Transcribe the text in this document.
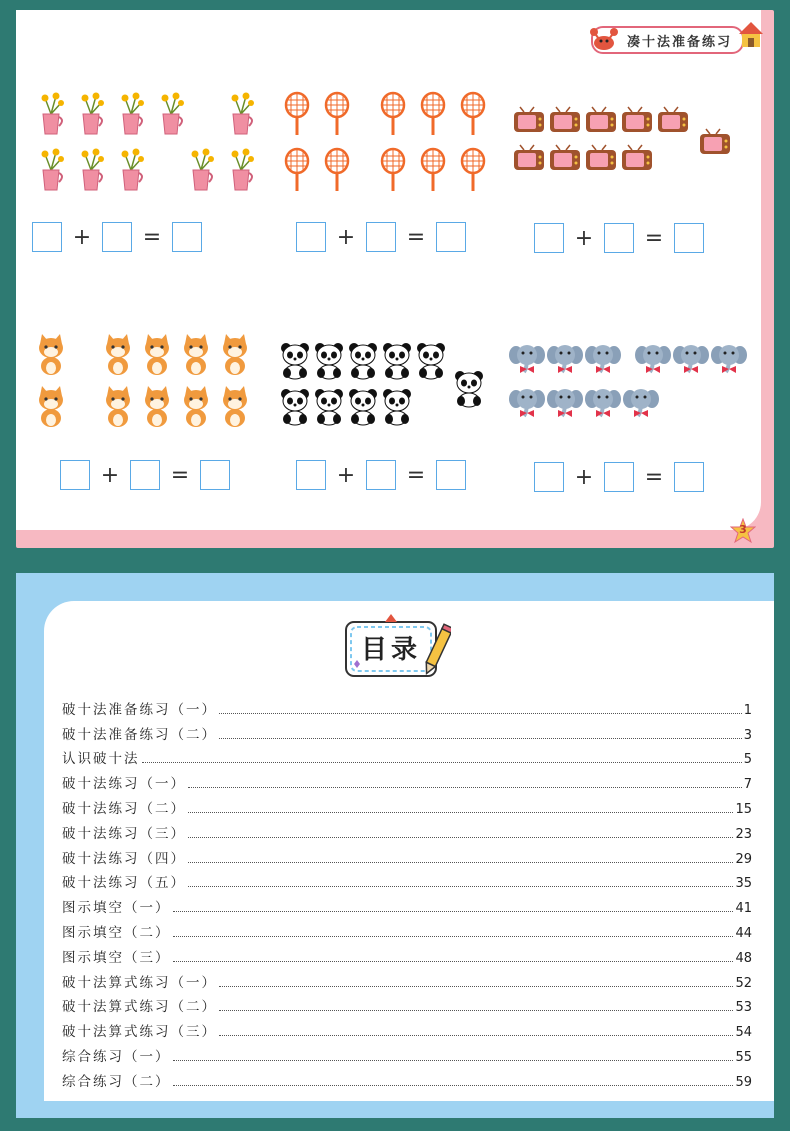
凑十法准备练习
+	=	+	=	+	=
+	=	+	=	+	=
3
目录
破十法准备练习（一）	1
破十法准备练习（二）	3
认识破十法	5
破十法练习（一）	7
破十法练习（二）	15
破十法练习（三）	23
破十法练习（四）	29
破十法练习（五）	35
图示填空（一）	41
图示填空（二）	44
图示填空（三）	48
破十法算式练习（一）	52
破十法算式练习（二）	53
破十法算式练习（三）	54
综合练习（一）	55
综合练习（二）	59
